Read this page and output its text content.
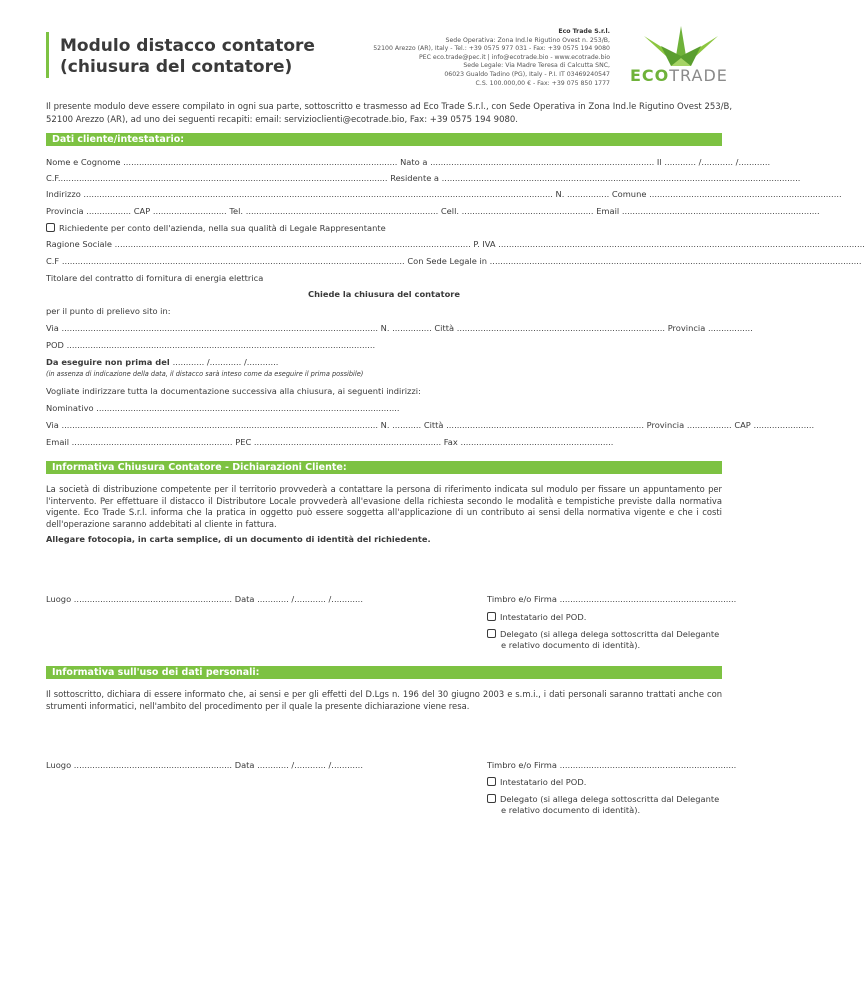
Modulo distacco contatore
(chiusura del contatore)
Eco Trade S.r.l.
Sede Operativa: Zona Ind.le Rigutino Ovest n. 253/B,
52100 Arezzo (AR), Italy - Tel.: +39 0575 977 031 - Fax: +39 0575 194 9080
PEC eco.trade@pec.it | info@ecotrade.bio - www.ecotrade.bio
Sede Legale: Via Madre Teresa di Calcutta SNC,
06023 Gualdo Tadino (PG), Italy - P.I. IT 03469240547
C.S. 100.000,00 € - Fax: +39 075 850 1777 ECOTRADE
Il presente modulo deve essere compilato in ogni sua parte, sottoscritto e trasmesso ad Eco Trade S.r.l., con Sede Operativa in Zona Ind.le Rigutino Ovest 253/B, 52100 Arezzo (AR), ad uno dei seguenti recapiti: email: servizioclienti@ecotrade.bio, Fax: +39 0575 194 9080.
Dati cliente/intestatario:
Nome e Cognome ........................................................................................................ Nato a ..................................................................................... Il ............ /............ /............
C.F............................................................................................................................. Residente a ........................................................................................................................................
Indirizzo .................................................................................................................................................................................. N. ................ Comune .........................................................................
Provincia ................. CAP ............................ Tel. ......................................................................... Cell. .................................................. Email ...........................................................................
Richiedente per conto dell'azienda, nella sua qualità di Legale Rappresentante
Ragione Sociale ....................................................................................................................................... P. IVA ...........................................................................................................................................
C.F .................................................................................................................................. Con Sede Legale in .............................................................................................................................................
Titolare del contratto di fornitura di energia elettrica
Chiede la chiusura del contatore
per il punto di prelievo sito in:
Via ........................................................................................................................ N. ............... Città ............................................................................... Provincia .................
POD .....................................................................................................................
Da eseguire non prima del ............ /............ /............
(in assenza di indicazione della data, il distacco sarà inteso come da eseguire il prima possibile)
Vogliate indirizzare tutta la documentazione successiva alla chiusura, ai seguenti indirizzi:
Nominativo ...................................................................................................................
Via ........................................................................................................................ N. ........... Città ........................................................................... Provincia ................. CAP .......................
Email ............................................................. PEC ....................................................................... Fax ..........................................................
Informativa Chiusura Contatore - Dichiarazioni Cliente:
La società di distribuzione competente per il territorio provvederà a contattare la persona di riferimento indicata sul modulo per fissare un appuntamento per l'intervento. Per effettuare il distacco il Distributore Locale provvederà all'evasione della richiesta secondo le modalità e tempistiche previste dalla normativa vigente. Eco Trade S.r.l. informa che la pratica in oggetto può essere soggetta all'applicazione di un contributo ai sensi della normativa vigente e che i costi dell'operazione saranno addebitati al cliente in fattura.
Allegare fotocopia, in carta semplice, di un documento di identità del richiedente.
Luogo ............................................................ Data ............ /............ /............	Timbro e/o Firma ...................................................................
Intestatario del POD.
Delegato (si allega delega sottoscritta dal Delegante
e relativo documento di identità).
Informativa sull'uso dei dati personali:
Il sottoscritto, dichiara di essere informato che, ai sensi e per gli effetti del D.Lgs n. 196 del 30 giugno 2003 e s.m.i., i dati personali saranno trattati anche con strumenti informatici, nell'ambito del procedimento per il quale la presente dichiarazione viene resa.
Luogo ............................................................ Data ............ /............ /............	Timbro e/o Firma ...................................................................
Intestatario del POD.
Delegato (si allega delega sottoscritta dal Delegante
e relativo documento di identità).
